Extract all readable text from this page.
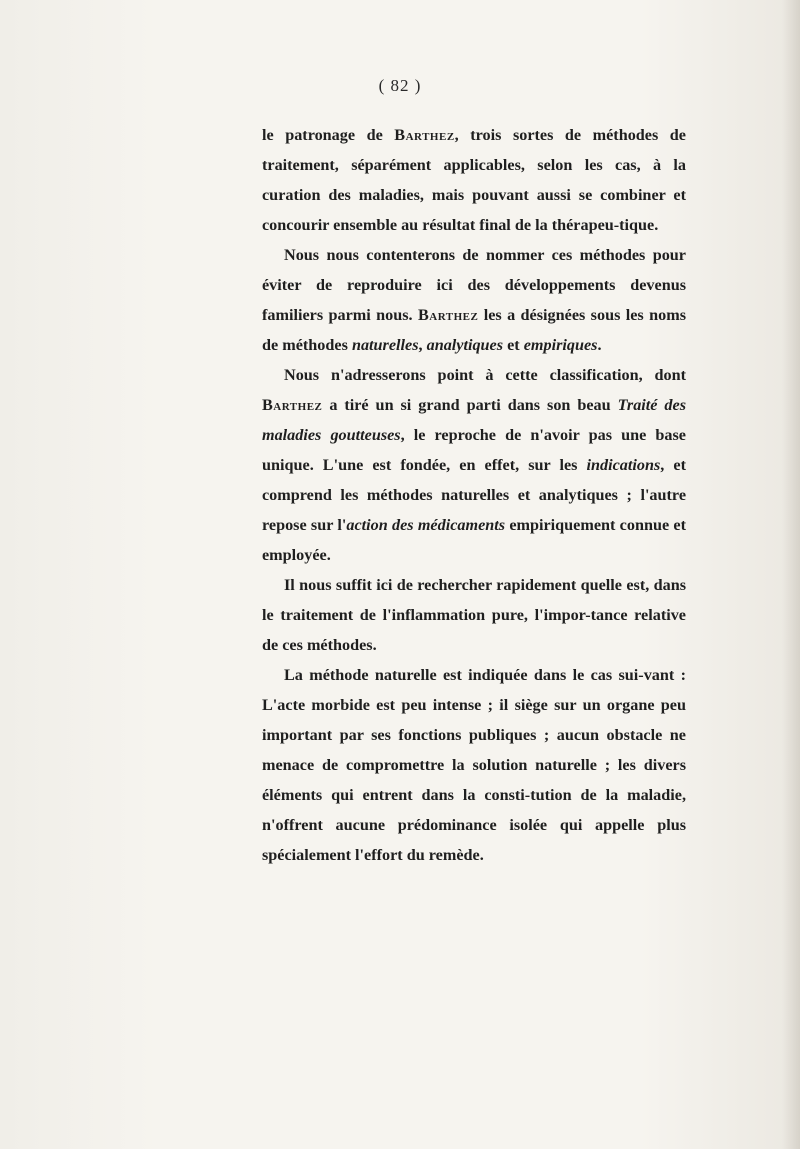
( 82 )

le patronage de Barthez, trois sortes de méthodes de traitement, séparément applicables, selon les cas, à la curation des maladies, mais pouvant aussi se combiner et concourir ensemble au résultat final de la thérapeu-tique.

Nous nous contenterons de nommer ces méthodes pour éviter de reproduire ici des développements devenus familiers parmi nous. Barthez les a désignées sous les noms de méthodes naturelles, analytiques et empiriques.

Nous n'adresserons point à cette classification, dont Barthez a tiré un si grand parti dans son beau Traité des maladies goutteuses, le reproche de n'avoir pas une base unique. L'une est fondée, en effet, sur les indications, et comprend les méthodes naturelles et analytiques ; l'autre repose sur l'action des médicaments empiriquement connue et employée.

Il nous suffit ici de rechercher rapidement quelle est, dans le traitement de l'inflammation pure, l'impor-tance relative de ces méthodes.

La méthode naturelle est indiquée dans le cas sui-vant : L'acte morbide est peu intense ; il siège sur un organe peu important par ses fonctions publiques ; aucun obstacle ne menace de compromettre la solution naturelle ; les divers éléments qui entrent dans la consti-tution de la maladie, n'offrent aucune prédominance isolée qui appelle plus spécialement l'effort du remède.
